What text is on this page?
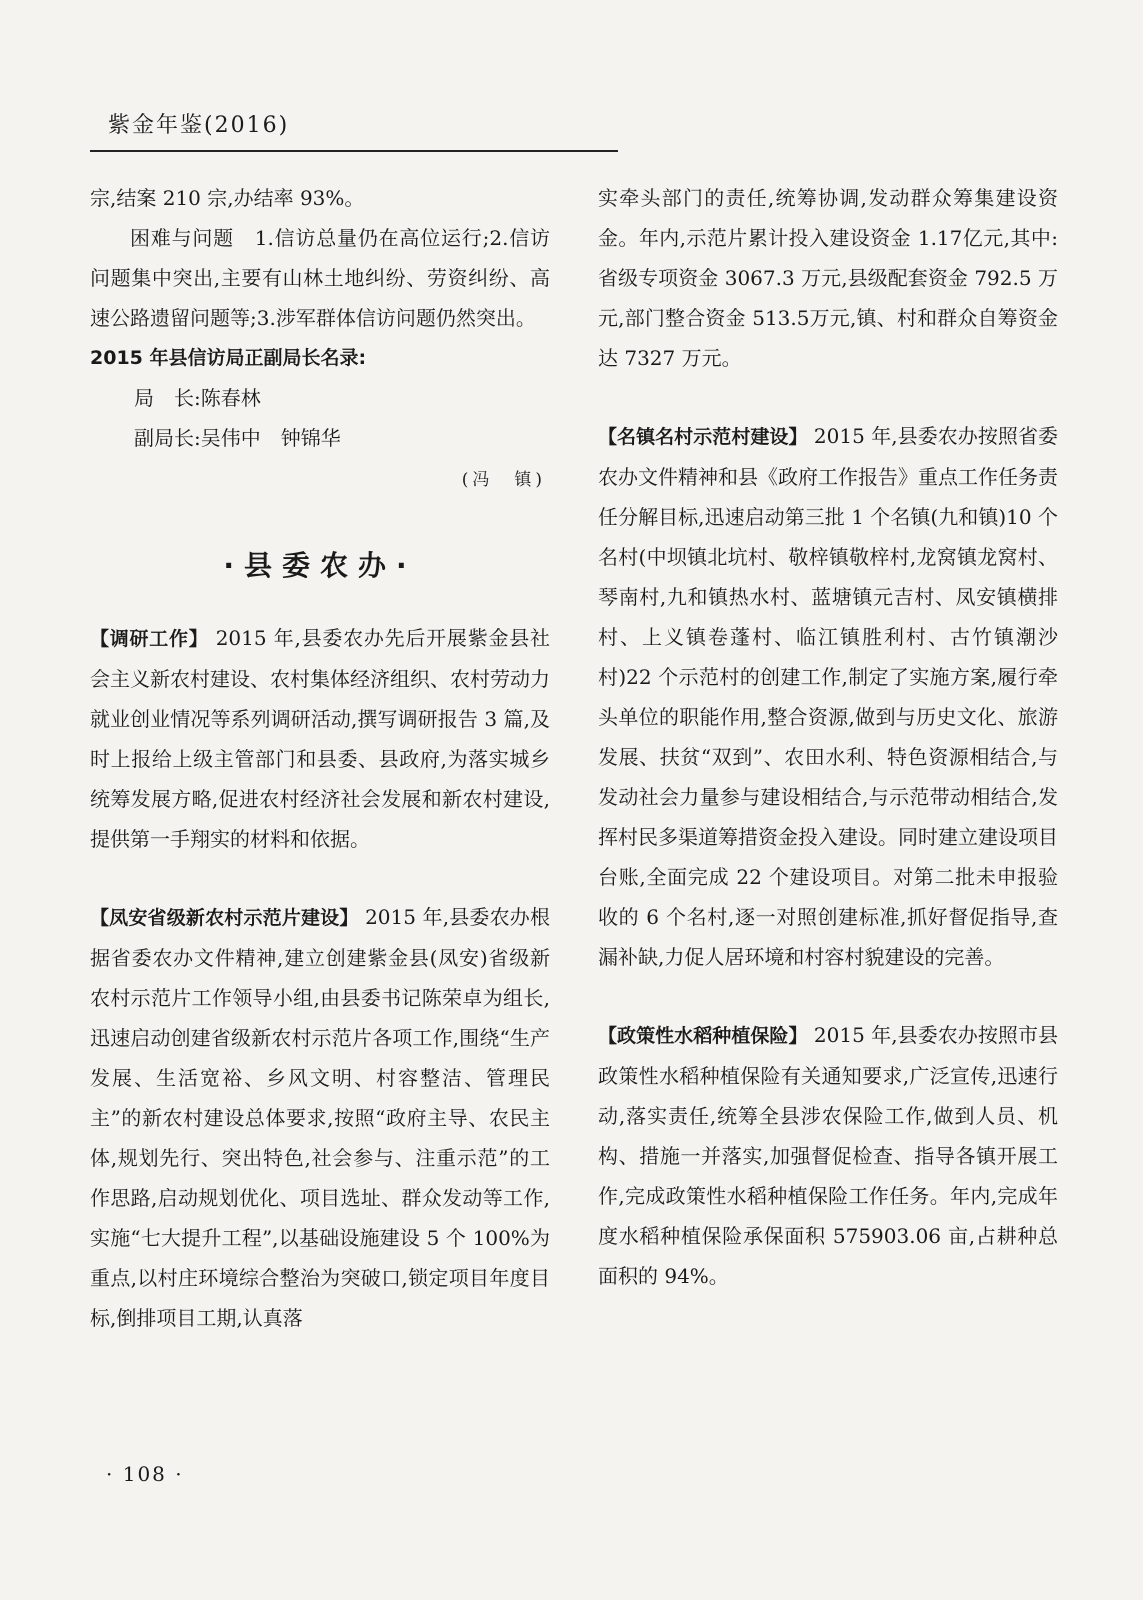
紫金年鉴(2016)

宗,结案 210 宗,办结率 93%。

困难与问题　 1.信访总量仍在高位运行;2.信访问题集中突出,主要有山林土地纠纷、劳资纠纷、高速公路遗留问题等;3.涉军群体信访问题仍然突出。

2015 年县信访局正副局长名录:

局　长:陈春林

副局长:吴伟中　钟锦华

(冯　镇)

·县委农办·

【调研工作】 2015 年,县委农办先后开展紫金县社会主义新农村建设、农村集体经济组织、农村劳动力就业创业情况等系列调研活动,撰写调研报告 3 篇,及时上报给上级主管部门和县委、县政府,为落实城乡统筹发展方略,促进农村经济社会发展和新农村建设,提供第一手翔实的材料和依据。

【凤安省级新农村示范片建设】 2015 年,县委农办根据省委农办文件精神,建立创建紫金县(凤安)省级新农村示范片工作领导小组,由县委书记陈荣卓为组长,迅速启动创建省级新农村示范片各项工作,围绕“生产发展、生活宽裕、乡风文明、村容整洁、管理民主”的新农村建设总体要求,按照“政府主导、农民主体,规划先行、突出特色,社会参与、注重示范”的工作思路,启动规划优化、项目选址、群众发动等工作,实施“七大提升工程”,以基础设施建设 5 个 100%为重点,以村庄环境综合整治为突破口,锁定项目年度目标,倒排项目工期,认真落

实牵头部门的责任,统筹协调,发动群众筹集建设资金。年内,示范片累计投入建设资金 1.17亿元,其中:省级专项资金 3067.3 万元,县级配套资金 792.5 万元,部门整合资金 513.5万元,镇、村和群众自筹资金达 7327 万元。

【名镇名村示范村建设】 2015 年,县委农办按照省委农办文件精神和县《政府工作报告》重点工作任务责任分解目标,迅速启动第三批 1 个名镇(九和镇)10 个名村(中坝镇北坑村、敬梓镇敬梓村,龙窝镇龙窝村、琴南村,九和镇热水村、蓝塘镇元吉村、凤安镇横排村、上义镇卷蓬村、临江镇胜利村、古竹镇潮沙村)22 个示范村的创建工作,制定了实施方案,履行牵头单位的职能作用,整合资源,做到与历史文化、旅游发展、扶贫“双到”、农田水利、特色资源相结合,与发动社会力量参与建设相结合,与示范带动相结合,发挥村民多渠道筹措资金投入建设。同时建立建设项目台账,全面完成 22 个建设项目。对第二批未申报验收的 6 个名村,逐一对照创建标准,抓好督促指导,查漏补缺,力促人居环境和村容村貌建设的完善。

【政策性水稻种植保险】 2015 年,县委农办按照市县政策性水稻种植保险有关通知要求,广泛宣传,迅速行动,落实责任,统筹全县涉农保险工作,做到人员、机构、措施一并落实,加强督促检查、指导各镇开展工作,完成政策性水稻种植保险工作任务。年内,完成年度水稻种植保险承保面积 575903.06 亩,占耕种总面积的 94%。

· 108 ·
